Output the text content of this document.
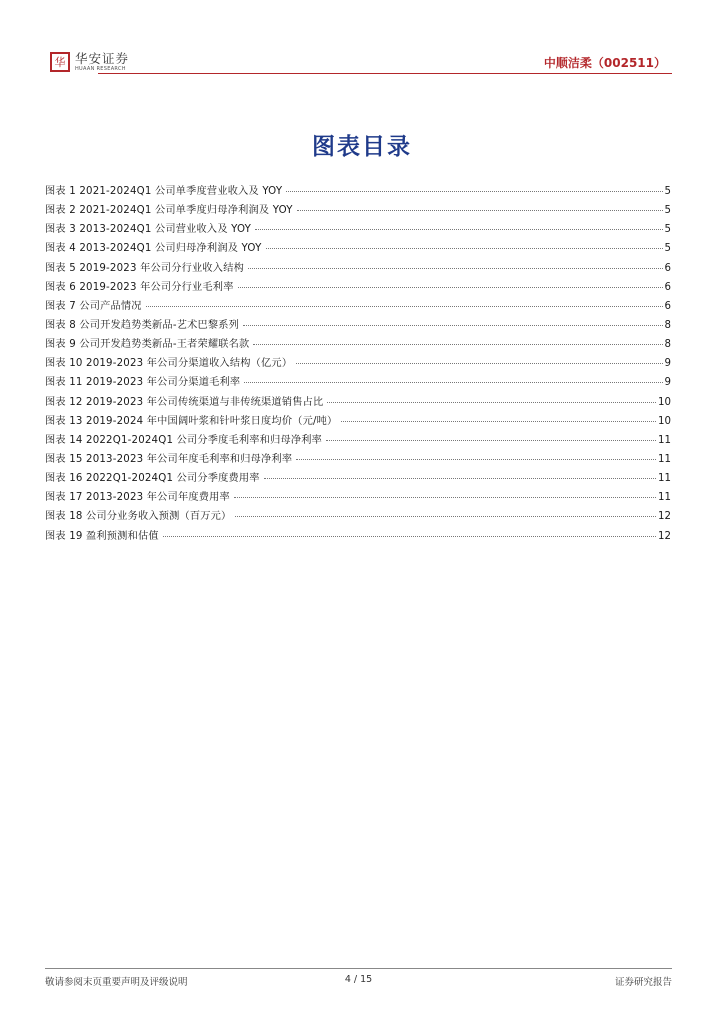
华 华安证券
HUAAN RESEARCH	中顺洁柔（002511）
图表目录
图表 1 2021-2024Q1 公司单季度营业收入及 YOY	5
图表 2 2021-2024Q1 公司单季度归母净利润及 YOY	5
图表 3 2013-2024Q1 公司营业收入及 YOY	5
图表 4 2013-2024Q1 公司归母净利润及 YOY	5
图表 5 2019-2023 年公司分行业收入结构	6
图表 6 2019-2023 年公司分行业毛利率	6
图表 7 公司产品情况	6
图表 8 公司开发趋势类新品-艺术巴黎系列	8
图表 9 公司开发趋势类新品-王者荣耀联名款	8
图表 10 2019-2023 年公司分渠道收入结构（亿元）	9
图表 11 2019-2023 年公司分渠道毛利率	9
图表 12 2019-2023 年公司传统渠道与非传统渠道销售占比	10
图表 13 2019-2024 年中国阔叶浆和针叶浆日度均价（元/吨）	10
图表 14 2022Q1-2024Q1 公司分季度毛利率和归母净利率	11
图表 15 2013-2023 年公司年度毛利率和归母净利率	11
图表 16 2022Q1-2024Q1 公司分季度费用率	11
图表 17 2013-2023 年公司年度费用率	11
图表 18 公司分业务收入预测（百万元）	12
图表 19 盈利预测和估值	12
敬请参阅末页重要声明及评级说明	4 / 15	证券研究报告
